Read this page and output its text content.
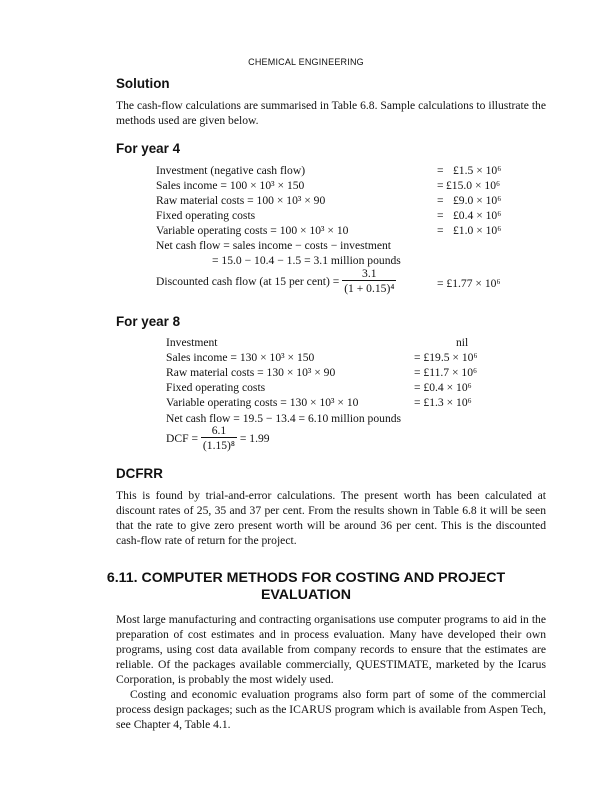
CHEMICAL ENGINEERING
Solution

The cash-flow calculations are summarised in Table 6.8. Sample calculations to illustrate the methods used are given below.

For year 4
Investment (negative cash flow)	= £1.5 × 10⁶
Sales income = 100 × 10³ × 150	= £15.0 × 10⁶
Raw material costs = 100 × 10³ × 90	= £9.0 × 10⁶
Fixed operating costs	= £0.4 × 10⁶
Variable operating costs = 100 × 10³ × 10	= £1.0 × 10⁶
Net cash flow = sales income − costs − investment
= 15.0 − 10.4 − 1.5 = 3.1 million pounds
Discounted cash flow (at 15 per cent) = $\frac{3.1}{\text{(1 + 0.15)⁴}}$	= £1.77 × 10⁶
For year 8
Investment	nil
Sales income = 130 × 10³ × 150	= £19.5 × 10⁶
Raw material costs = 130 × 10³ × 90	= £11.7 × 10⁶
Fixed operating costs	= £0.4 × 10⁶
Variable operating costs = 130 × 10³ × 10	= £1.3 × 10⁶
Net cash flow = 19.5 − 13.4 = 6.10 million pounds
DCF = $\frac{6.1}{\text{(1.15)⁸}} = 1.99$
DCFRR

This is found by trial-and-error calculations. The present worth has been calculated at discount rates of 25, 35 and 37 per cent. From the results shown in Table 6.8 it will be seen that the rate to give zero present worth will be around 36 per cent. This is the discounted cash-flow rate of return for the project.

6.11. COMPUTER METHODS FOR COSTING AND PROJECT
EVALUATION

Most large manufacturing and contracting organisations use computer programs to aid in the preparation of cost estimates and in process evaluation. Many have developed their own programs, using cost data available from company records to ensure that the estimates are reliable. Of the packages available commercially, QUESTIMATE, marketed by the Icarus Corporation, is probably the most widely used.

Costing and economic evaluation programs also form part of some of the commercial process design packages; such as the ICARUS program which is available from Aspen Tech, see Chapter 4, Table 4.1.
